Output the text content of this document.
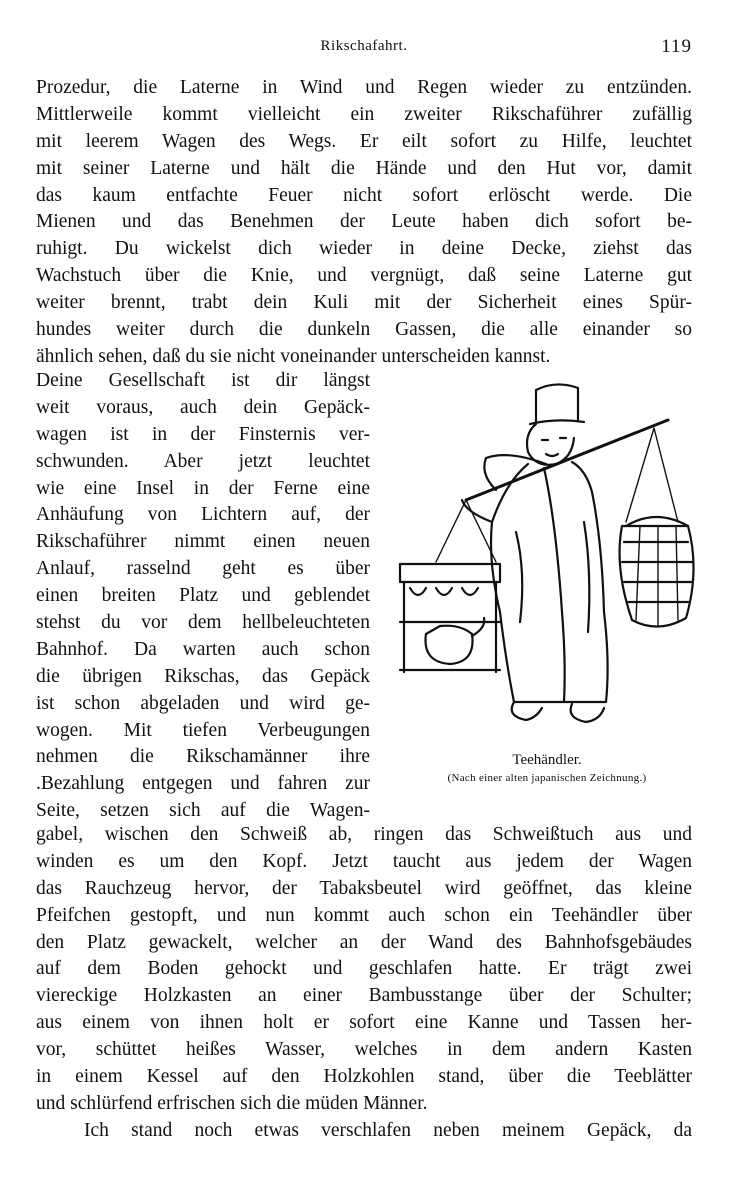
Rikschafahrt.	119
Prozedur, die Laterne in Wind und Regen wieder zu entzünden.
Mittlerweile kommt vielleicht ein zweiter Rikschaführer zufällig
mit leerem Wagen des Wegs. Er eilt sofort zu Hilfe, leuchtet
mit seiner Laterne und hält die Hände und den Hut vor, damit
das kaum entfachte Feuer nicht sofort erlöscht werde. Die
Mienen und das Benehmen der Leute haben dich sofort be-
ruhigt. Du wickelst dich wieder in deine Decke, ziehst das
Wachstuch über die Knie, und vergnügt, daß seine Laterne gut
weiter brennt, trabt dein Kuli mit der Sicherheit eines Spür-
hundes weiter durch die dunkeln Gassen, die alle einander so
ähnlich sehen, daß du sie nicht voneinander unterscheiden kannst.
Deine Gesellschaft ist dir längst
weit voraus, auch dein Gepäck-
wagen ist in der Finsternis ver-
schwunden. Aber jetzt leuchtet
wie eine Insel in der Ferne eine
Anhäufung von Lichtern auf, der
Rikschaführer nimmt einen neuen
Anlauf, rasselnd geht es über
einen breiten Platz und geblendet
stehst du vor dem hellbeleuchteten
Bahnhof. Da warten auch schon
die übrigen Rikschas, das Gepäck
ist schon abgeladen und wird ge-
wogen. Mit tiefen Verbeugungen
nehmen die Rikschamänner ihre
.Bezahlung entgegen und fahren zur
Seite, setzen sich auf die Wagen-
Teehändler.
(Nach einer alten japanischen Zeichnung.)
gabel, wischen den Schweiß ab, ringen das Schweißtuch aus und
winden es um den Kopf. Jetzt taucht aus jedem der Wagen
das Rauchzeug hervor, der Tabaksbeutel wird geöffnet, das kleine
Pfeifchen gestopft, und nun kommt auch schon ein Teehändler über
den Platz gewackelt, welcher an der Wand des Bahnhofsgebäudes
auf dem Boden gehockt und geschlafen hatte. Er trägt zwei
viereckige Holzkasten an einer Bambusstange über der Schulter;
aus einem von ihnen holt er sofort eine Kanne und Tassen her-
vor, schüttet heißes Wasser, welches in dem andern Kasten
in einem Kessel auf den Holzkohlen stand, über die Teeblätter
und schlürfend erfrischen sich die müden Männer.
Ich stand noch etwas verschlafen neben meinem Gepäck, da
